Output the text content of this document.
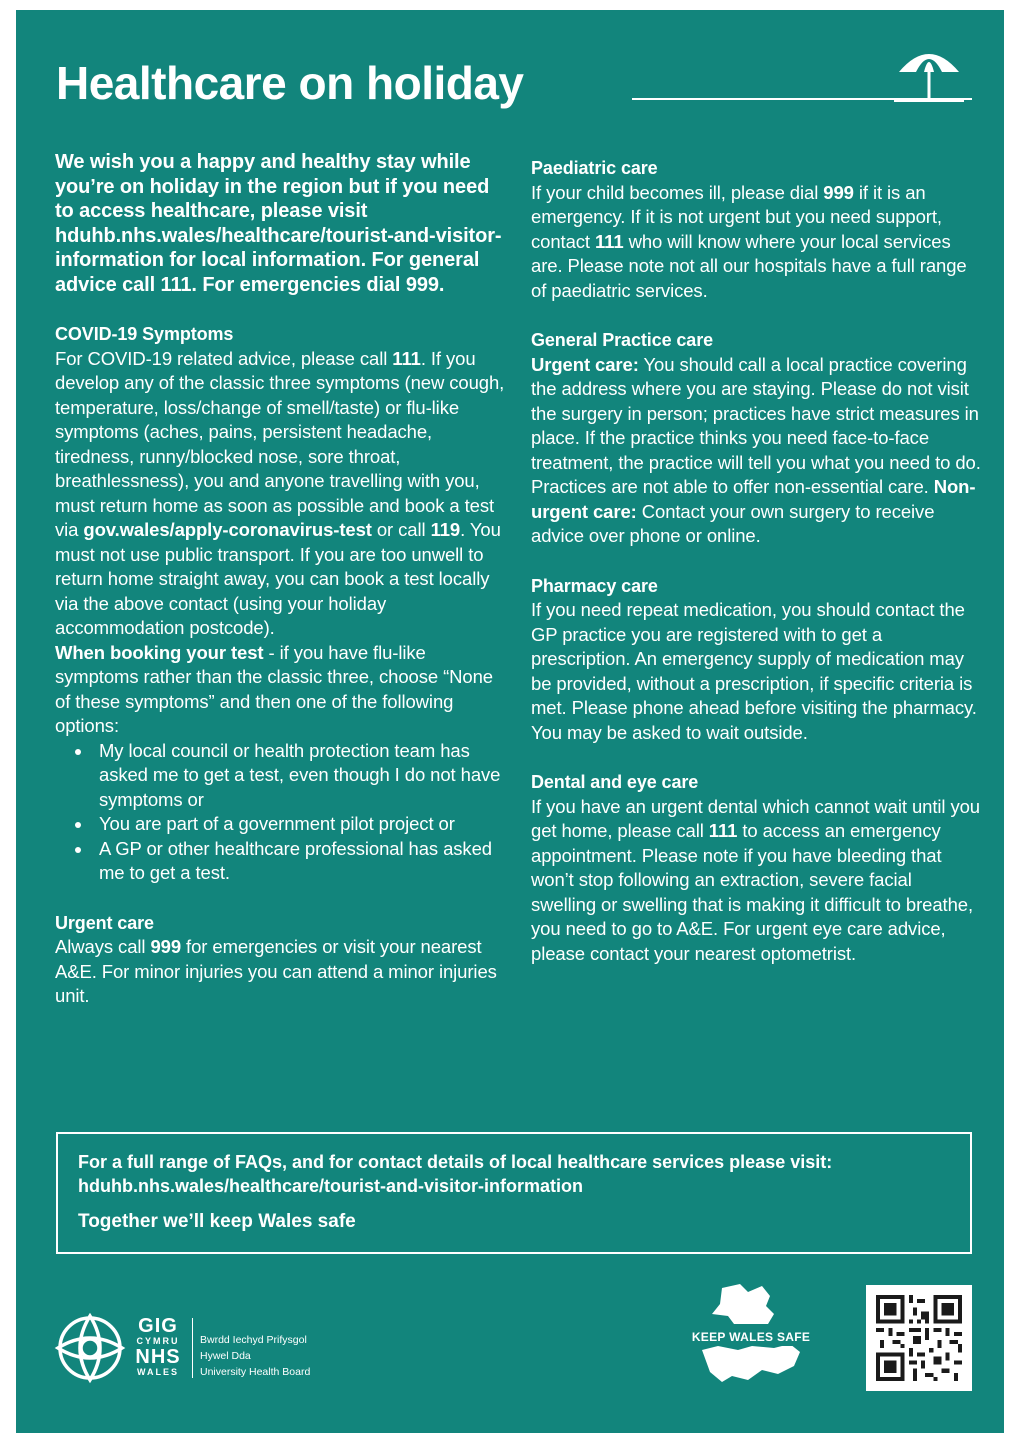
Healthcare on holiday

We wish you a happy and healthy stay while you’re on holiday in the region but if you need to access healthcare, please visit hduhb.nhs.wales/healthcare/tourist-and-visitor-information for local information. For general advice call 111. For emergencies dial 999.

COVID-19 Symptoms

For COVID-19 related advice, please call 111. If you develop any of the classic three symptoms (new cough, temperature, loss/change of smell/taste) or flu-like symptoms (aches, pains, persistent headache, tiredness, runny/blocked nose, sore throat, breathlessness), you and anyone travelling with you, must return home as soon as possible and book a test via gov.wales/apply-coronavirus-test or call 119. You must not use public transport. If you are too unwell to return home straight away, you can book a test locally via the above contact (using your holiday accommodation postcode).

When booking your test - if you have flu-like symptoms rather than the classic three, choose “None of these symptoms” and then one of the following options:

My local council or health protection team has asked me to get a test, even though I do not have symptoms or
You are part of a government pilot project or
A GP or other healthcare professional has asked me to get a test.
Urgent care

Always call 999 for emergencies or visit your nearest A&E. For minor injuries you can attend a minor injuries unit.

Paediatric care

If your child becomes ill, please dial 999 if it is an emergency. If it is not urgent but you need support, contact 111 who will know where your local services are. Please note not all our hospitals have a full range of paediatric services.

General Practice care

Urgent care: You should call a local practice covering the address where you are staying. Please do not visit the surgery in person; practices have strict measures in place. If the practice thinks you need face-to-face treatment, the practice will tell you what you need to do. Practices are not able to offer non-essential care. Non-urgent care: Contact your own surgery to receive advice over phone or online.

Pharmacy care

If you need repeat medication, you should contact the GP practice you are registered with to get a prescription. An emergency supply of medication may be provided, without a prescription, if specific criteria is met. Please phone ahead before visiting the pharmacy. You may be asked to wait outside.

Dental and eye care

If you have an urgent dental which cannot wait until you get home, please call 111 to access an emergency appointment. Please note if you have bleeding that won’t stop following an extraction, severe facial swelling or swelling that is making it difficult to breathe, you need to go to A&E. For urgent eye care advice, please contact your nearest optometrist.

For a full range of FAQs, and for contact details of local healthcare services please visit: hduhb.nhs.wales/healthcare/tourist-and-visitor-information

Together we’ll keep Wales safe

GIG
CYMRU
NHS
WALES
Bwrdd Iechyd Prifysgol
Hywel Dda
University Health Board
KEEP WALES SAFE
